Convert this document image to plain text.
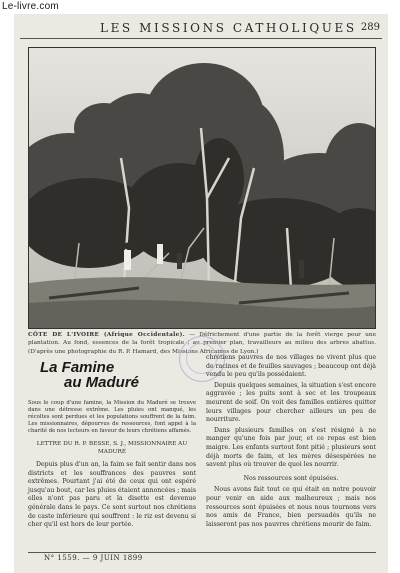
Le-livre.com
LES MISSIONS CATHOLIQUES 289
CÔTE DE L'IVOIRE (Afrique Occidentale). — Défrichement d'une partie de la forêt vierge pour une plantation. Au fond, essences de la forêt tropicale ; au premier plan, travailleurs au milieu des arbres abattus. (D'après une photographie du R. P. Hamard, des Missions Africaines de Lyon.)
La Famine
au Maduré
Sous le coup d'une famine, la Mission du Maduré se trouve dans une détresse extrême. Les pluies ont manqué, les récoltes sont perdues et les populations souffrent de la faim. Les missionnaires, dépourvus de ressources, font appel à la charité de nos lecteurs en faveur de leurs chrétiens affamés.
LETTRE DU R. P. BESSE, S. J., MISSIONNAIRE AU MADURÉ
Depuis plus d'un an, la faim se fait sentir dans nos districts et les souffrances des pauvres sont extrêmes. Pourtant j'ai été de ceux qui ont espéré jusqu'au bout, car les pluies étaient annoncées ; mais elles n'ont pas paru et la disette est devenue générale dans le pays. Ce sont surtout nos chrétiens de caste inférieure qui souffrent : le riz est devenu si cher qu'il est hors de leur portée.
chrétiens pauvres de nos villages ne vivent plus que de racines et de feuilles sauvages ; beaucoup ont déjà vendu le peu qu'ils possédaient.
Depuis quelques semaines, la situation s'est encore aggravée ; les puits sont à sec et les troupeaux meurent de soif. On voit des familles entières quitter leurs villages pour chercher ailleurs un peu de nourriture.
Dans plusieurs familles on s'est résigné à ne manger qu'une fois par jour, et ce repas est bien maigre. Les enfants surtout font pitié ; plusieurs sont déjà morts de faim, et les mères désespérées ne savent plus où trouver de quoi les nourrir.
Nos ressources sont épuisées.
Nous avons fait tout ce qui était en notre pouvoir pour venir en aide aux malheureux ; mais nos ressources sont épuisées et nous nous tournons vers nos amis de France, bien persuadés qu'ils ne laisseront pas nos pauvres chrétiens mourir de faim.
N° 1559. — 9 JUIN 1899
